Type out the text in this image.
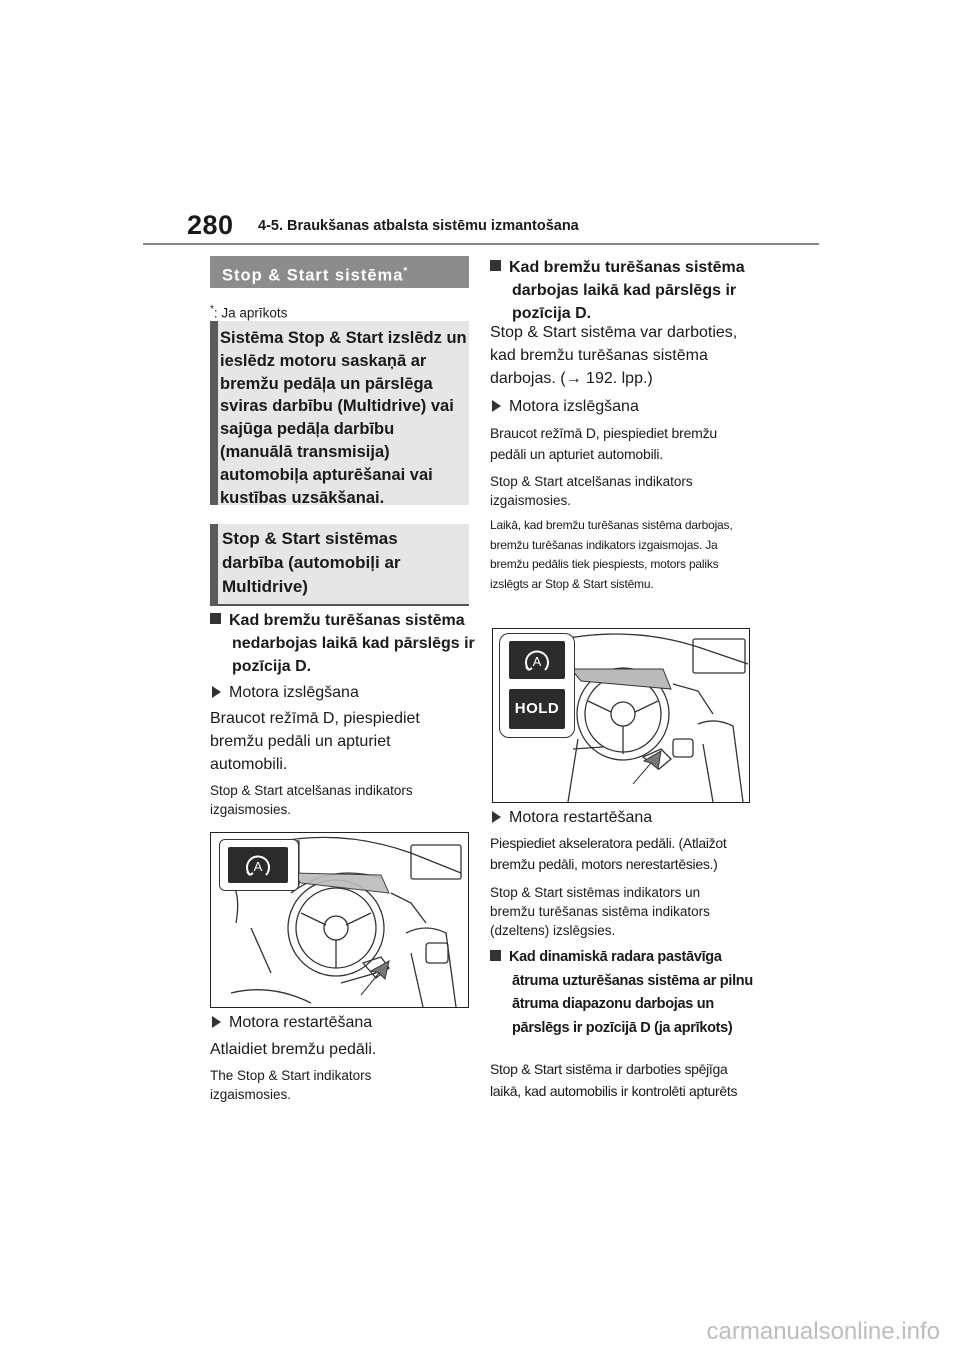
280 4-5. Braukšanas atbalsta sistēmu izmantošana
Stop & Start sistēma*
*: Ja aprīkots
Sistēma Stop & Start izslēdz un ieslēdz motoru saskaņā ar bremžu pedāļa un pārslēga sviras darbību (Multidrive) vai sajūga pedāļa darbību (manuālā transmisija) automobiļa apturēšanai vai kustības uzsākšanai.
Stop & Start sistēmas darbība (automobiļi ar Multidrive)
Kad bremžu turēšanas sistēma nedarbojas laikā kad pārslēgs ir pozīcija D.
Motora izslēgšana
Braucot režīmā D, piespiediet bremžu pedāli un apturiet automobili.
Stop & Start atcelšanas indikators izgaismosies.
A
Motora restartēšana
Atlaidiet bremžu pedāli.
The Stop & Start indikators izgaismosies.
Kad bremžu turēšanas sistēma darbojas laikā kad pārslēgs ir pozīcija D.
Stop & Start sistēma var darboties, kad bremžu turēšanas sistēma darbojas. (→ 192. lpp.)
Motora izslēgšana
Braucot režīmā D, piespiediet bremžu pedāli un apturiet automobili.
Stop & Start atcelšanas indikators izgaismosies.
Laikā, kad bremžu turēšanas sistēma darbojas, bremžu turēšanas indikators izgaismojas. Ja bremžu pedālis tiek piespiests, motors paliks izslēgts ar Stop & Start sistēmu.
A
HOLD
Motora restartēšana
Piespiediet akseleratora pedāli. (Atlaižot bremžu pedāli, motors nerestartēsies.)
Stop & Start sistēmas indikators un bremžu turēšanas sistēma indikators (dzeltens) izslēgsies.
Kad dinamiskā radara pastāvīga ātruma uzturēšanas sistēma ar pilnu ātruma diapazonu darbojas un pārslēgs ir pozīcijā D (ja aprīkots)
Stop & Start sistēma ir darboties spējīga laikā, kad automobilis ir kontrolēti apturēts
carmanualsonline.info
